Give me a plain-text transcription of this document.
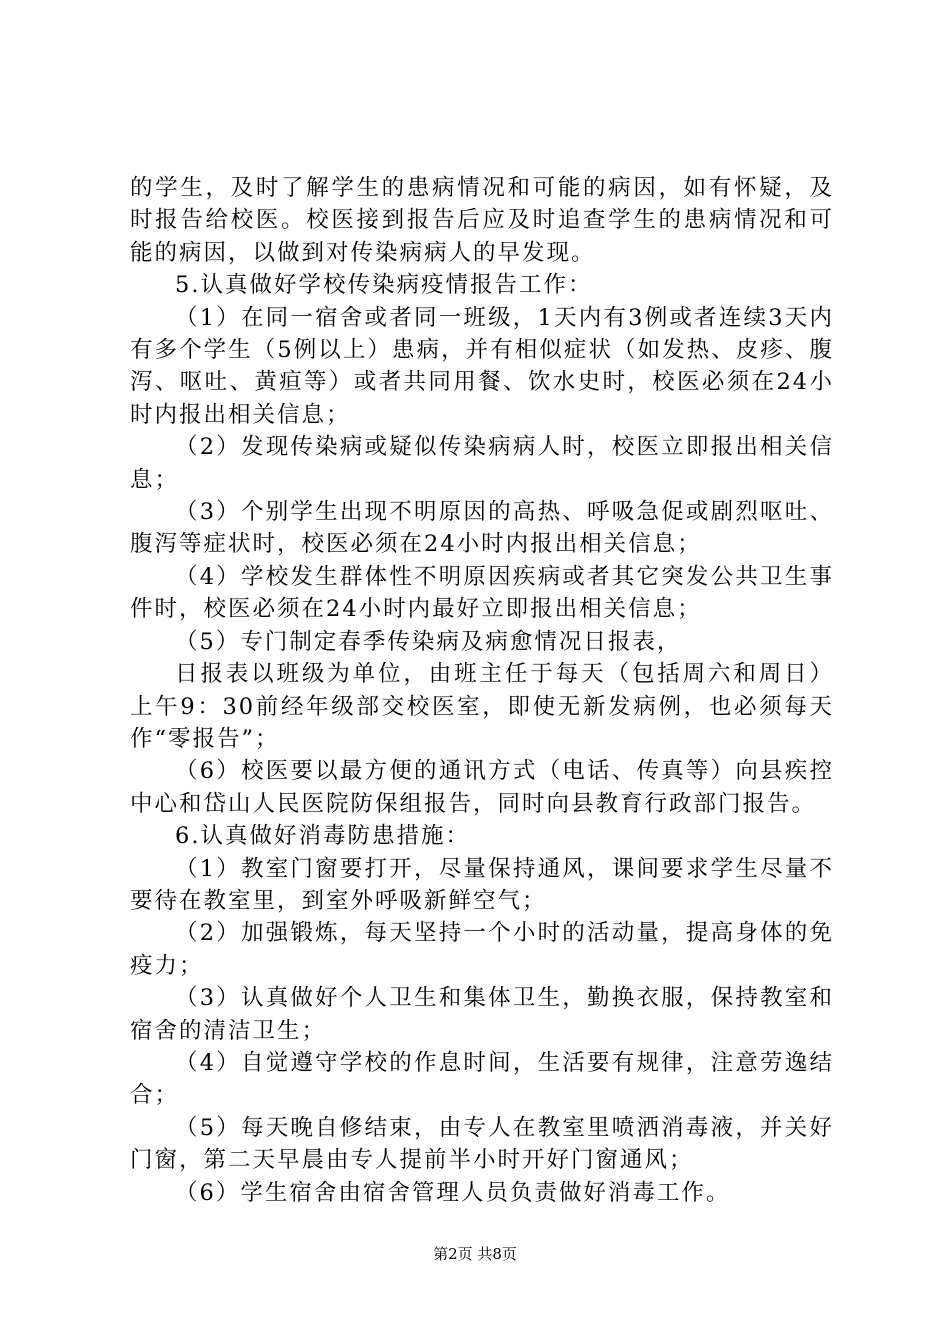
的学生，及时了解学生的患病情况和可能的病因，如有怀疑，及时报告给校医。校医接到报告后应及时追查学生的患病情况和可能的病因，以做到对传染病病人的早发现。

5.认真做好学校传染病疫情报告工作：

（1）在同一宿舍或者同一班级，1天内有3例或者连续3天内有多个学生（5例以上）患病，并有相似症状（如发热、皮疹、腹泻、呕吐、黄疸等）或者共同用餐、饮水史时，校医必须在24小时内报出相关信息；

（2）发现传染病或疑似传染病病人时，校医立即报出相关信息；

（3）个别学生出现不明原因的高热、呼吸急促或剧烈呕吐、腹泻等症状时，校医必须在24小时内报出相关信息；

（4）学校发生群体性不明原因疾病或者其它突发公共卫生事件时，校医必须在24小时内最好立即报出相关信息；

（5）专门制定春季传染病及病愈情况日报表，

日报表以班级为单位，由班主任于每天（包括周六和周日）上午9：30前经年级部交校医室，即使无新发病例，也必须每天作“零报告”；

（6）校医要以最方便的通讯方式（电话、传真等）向县疾控中心和岱山人民医院防保组报告，同时向县教育行政部门报告。

6.认真做好消毒防患措施：

（1）教室门窗要打开，尽量保持通风，课间要求学生尽量不要待在教室里，到室外呼吸新鲜空气；

（2）加强锻炼，每天坚持一个小时的活动量，提高身体的免疫力；

（3）认真做好个人卫生和集体卫生，勤换衣服，保持教室和宿舍的清洁卫生；

（4）自觉遵守学校的作息时间，生活要有规律，注意劳逸结合；

（5）每天晚自修结束，由专人在教室里喷洒消毒液，并关好门窗，第二天早晨由专人提前半小时开好门窗通风；

（6）学生宿舍由宿舍管理人员负责做好消毒工作。

第2页 共8页
